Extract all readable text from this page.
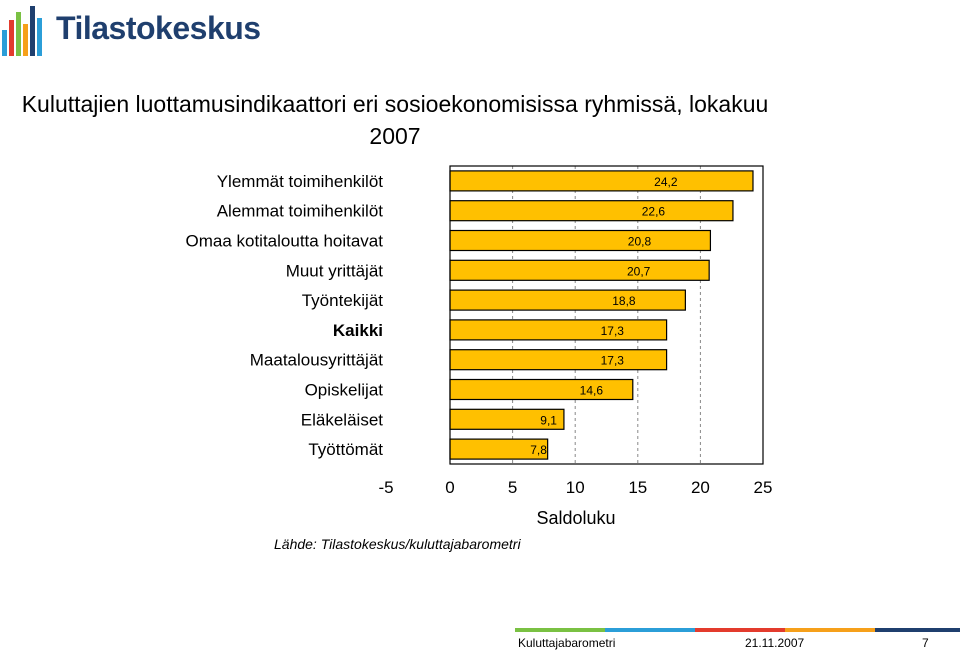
Tilastokeskus
Kuluttajien luottamusindikaattori eri sosioekonomisissa ryhmissä, lokakuu 2007
24,2
Ylemmät toimihenkilöt
22,6
Alemmat toimihenkilöt
20,8
Omaa kotitaloutta hoitavat
20,7
Muut yrittäjät
18,8
Työntekijät
17,3
Kaikki
17,3
Maatalousyrittäjät
14,6
Opiskelijat
9,1
Eläkeläiset
7,8
Työttömät
-5	0	5	10	15	20	25
Saldoluku
Lähde: Tilastokeskus/kuluttajabarometri
Kuluttajabarometri	21.11.2007	7
